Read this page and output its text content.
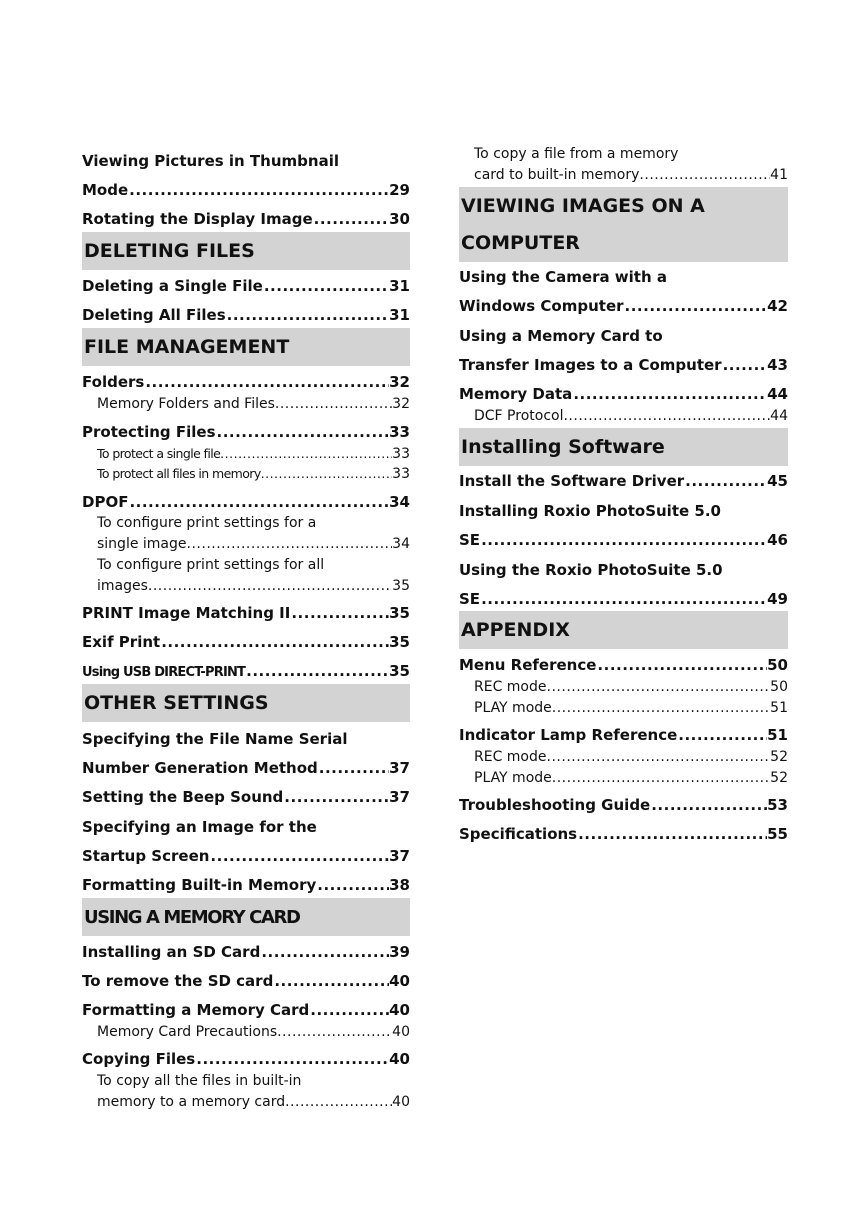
Viewing Pictures in Thumbnail
Mode .....	29
Rotating the Display Image .....	30
DELETING FILES
Deleting a Single File .....	31
Deleting All Files .....	31
FILE MANAGEMENT
Folders .....	32
Memory Folders and Files .....	32
Protecting Files .....	33
To protect a single file .....	33
To protect all files in memory .....	33
DPOF .....	34
To configure print settings for a
single image .....	34
To configure print settings for all
images .....	35
PRINT Image Matching II .....	35
Exif Print .....	35
Using USB DIRECT-PRINT .....	35
OTHER SETTINGS
Specifying the File Name Serial
Number Generation Method .....	37
Setting the Beep Sound .....	37
Specifying an Image for the
Startup Screen .....	37
Formatting Built-in Memory .....	38
USING A MEMORY CARD
Installing an SD Card .....	39
To remove the SD card .....	40
Formatting a Memory Card .....	40
Memory Card Precautions .....	40
Copying Files .....	40
To copy all the files in built-in
memory to a memory card .....	40
To copy a file from a memory
card to built-in memory .....	41
VIEWING IMAGES ON A
COMPUTER
Using the Camera with a
Windows Computer .....	42
Using a Memory Card to
Transfer Images to a Computer .....	43
Memory Data .....	44
DCF Protocol .....	44
Installing Software
Install the Software Driver .....	45
Installing Roxio PhotoSuite 5.0
SE .....	46
Using the Roxio PhotoSuite 5.0
SE .....	49
APPENDIX
Menu Reference .....	50
REC mode .....	50
PLAY mode .....	51
Indicator Lamp Reference .....	51
REC mode .....	52
PLAY mode .....	52
Troubleshooting Guide .....	53
Specifications .....	55
